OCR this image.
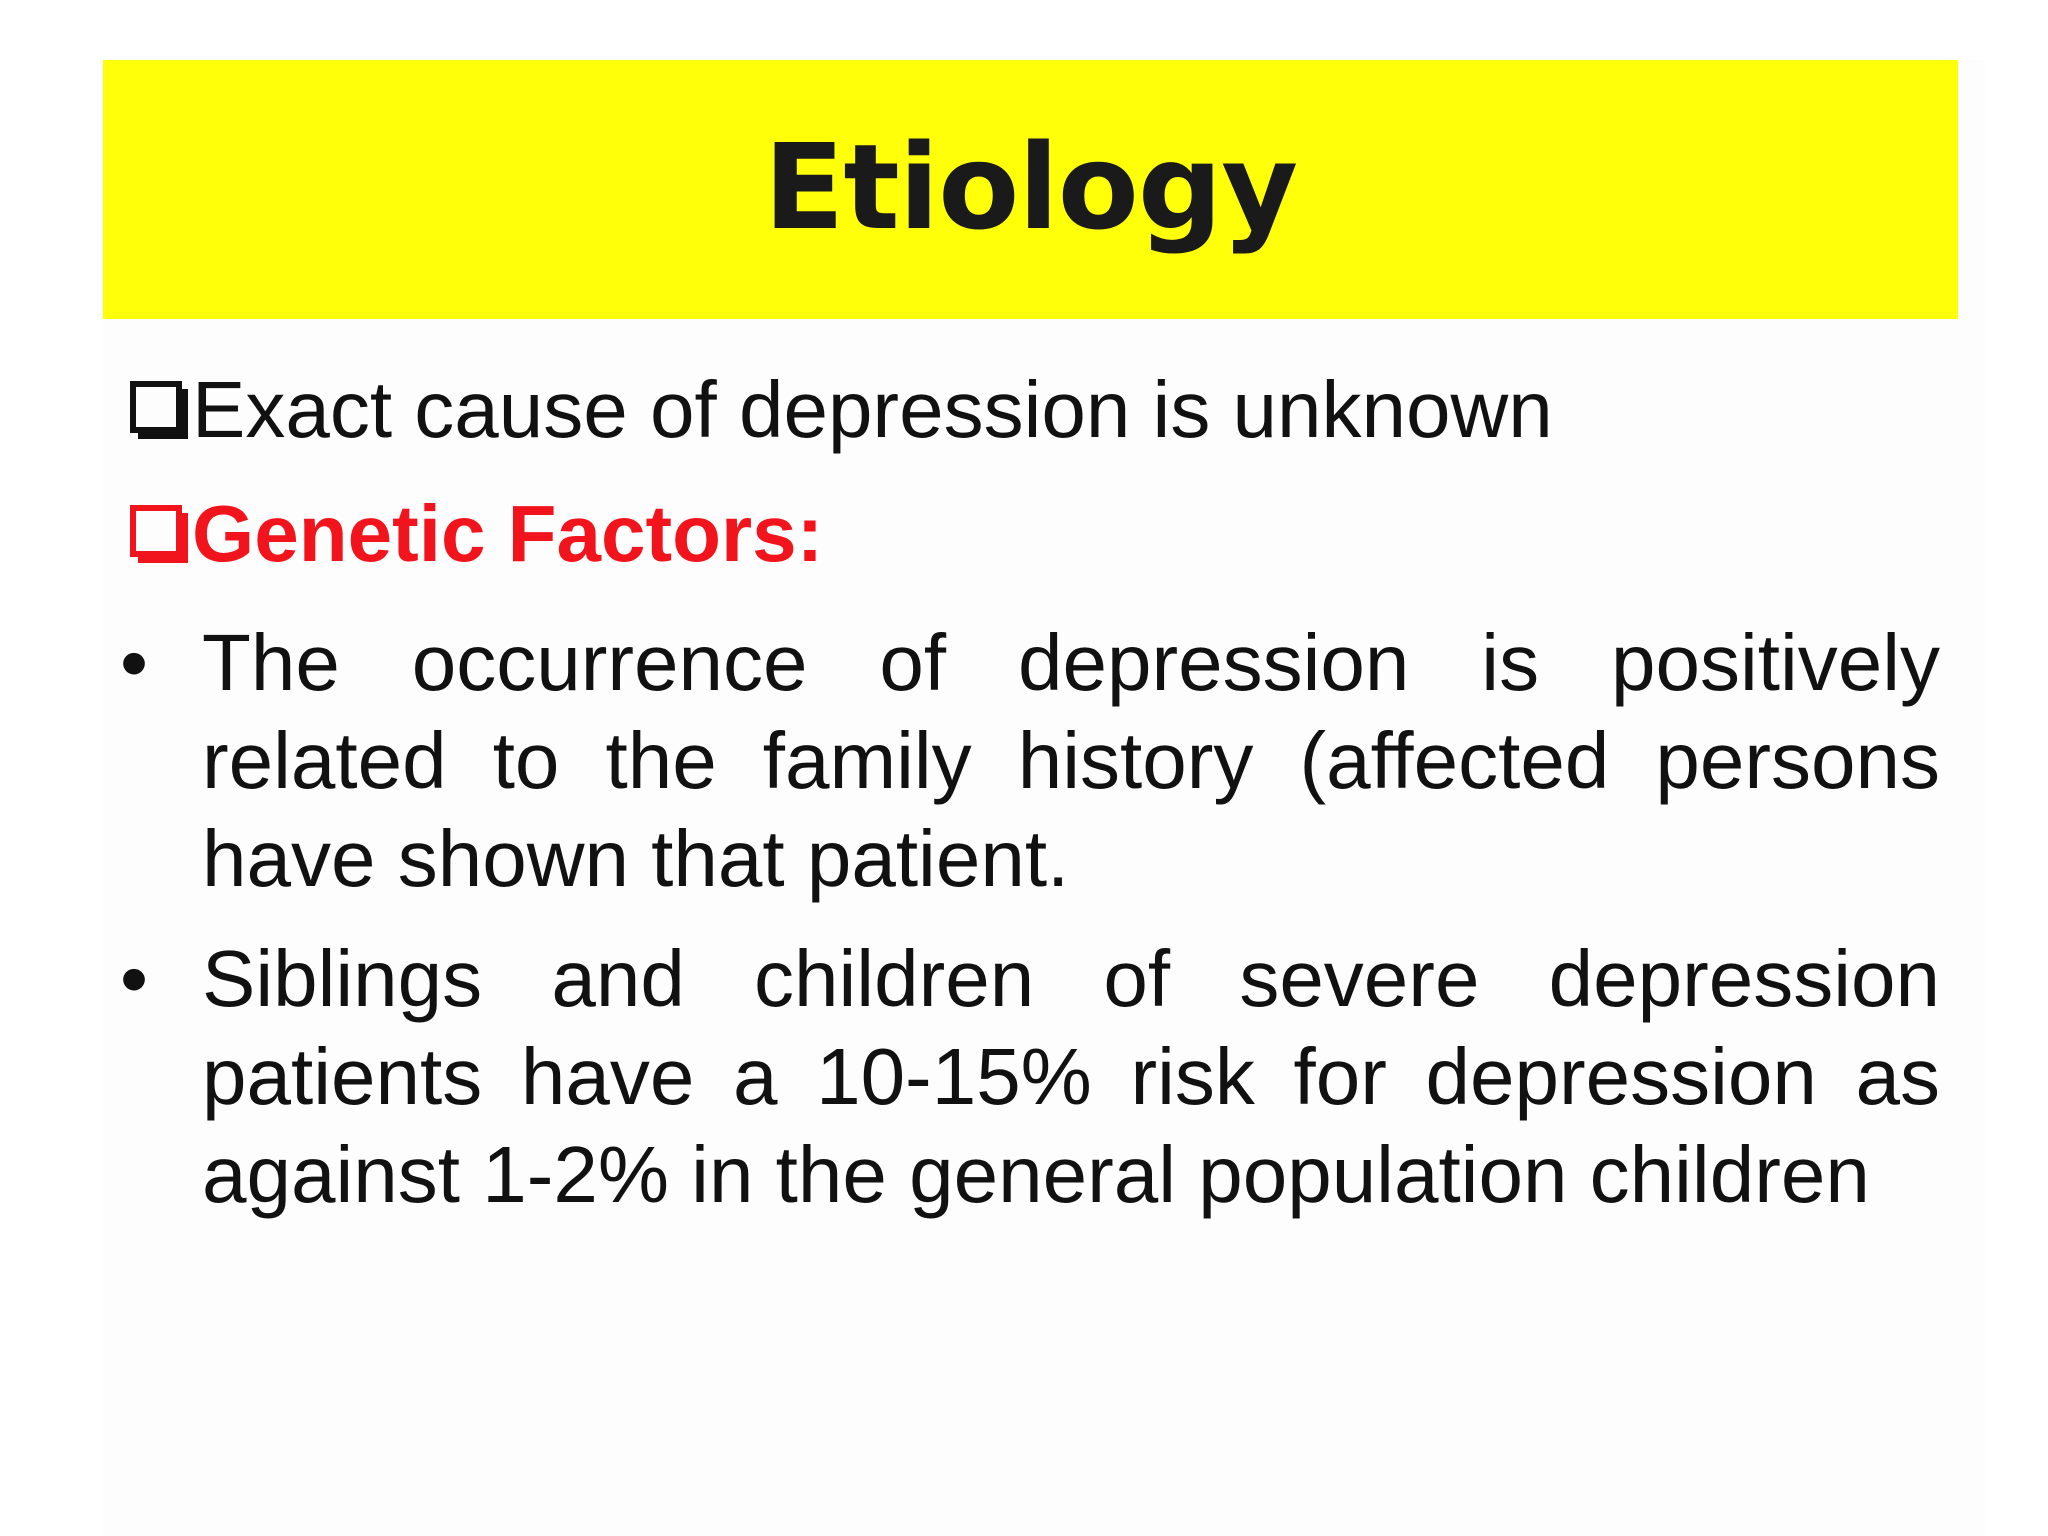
Etiology
Exact cause of depression is unknown
Genetic Factors:
• The occurrence of depression is positively related to the family history (affected persons have shown that patient.
• Siblings and children of severe depression patients have a 10-15% risk for depression as against 1-2% in the general population children
